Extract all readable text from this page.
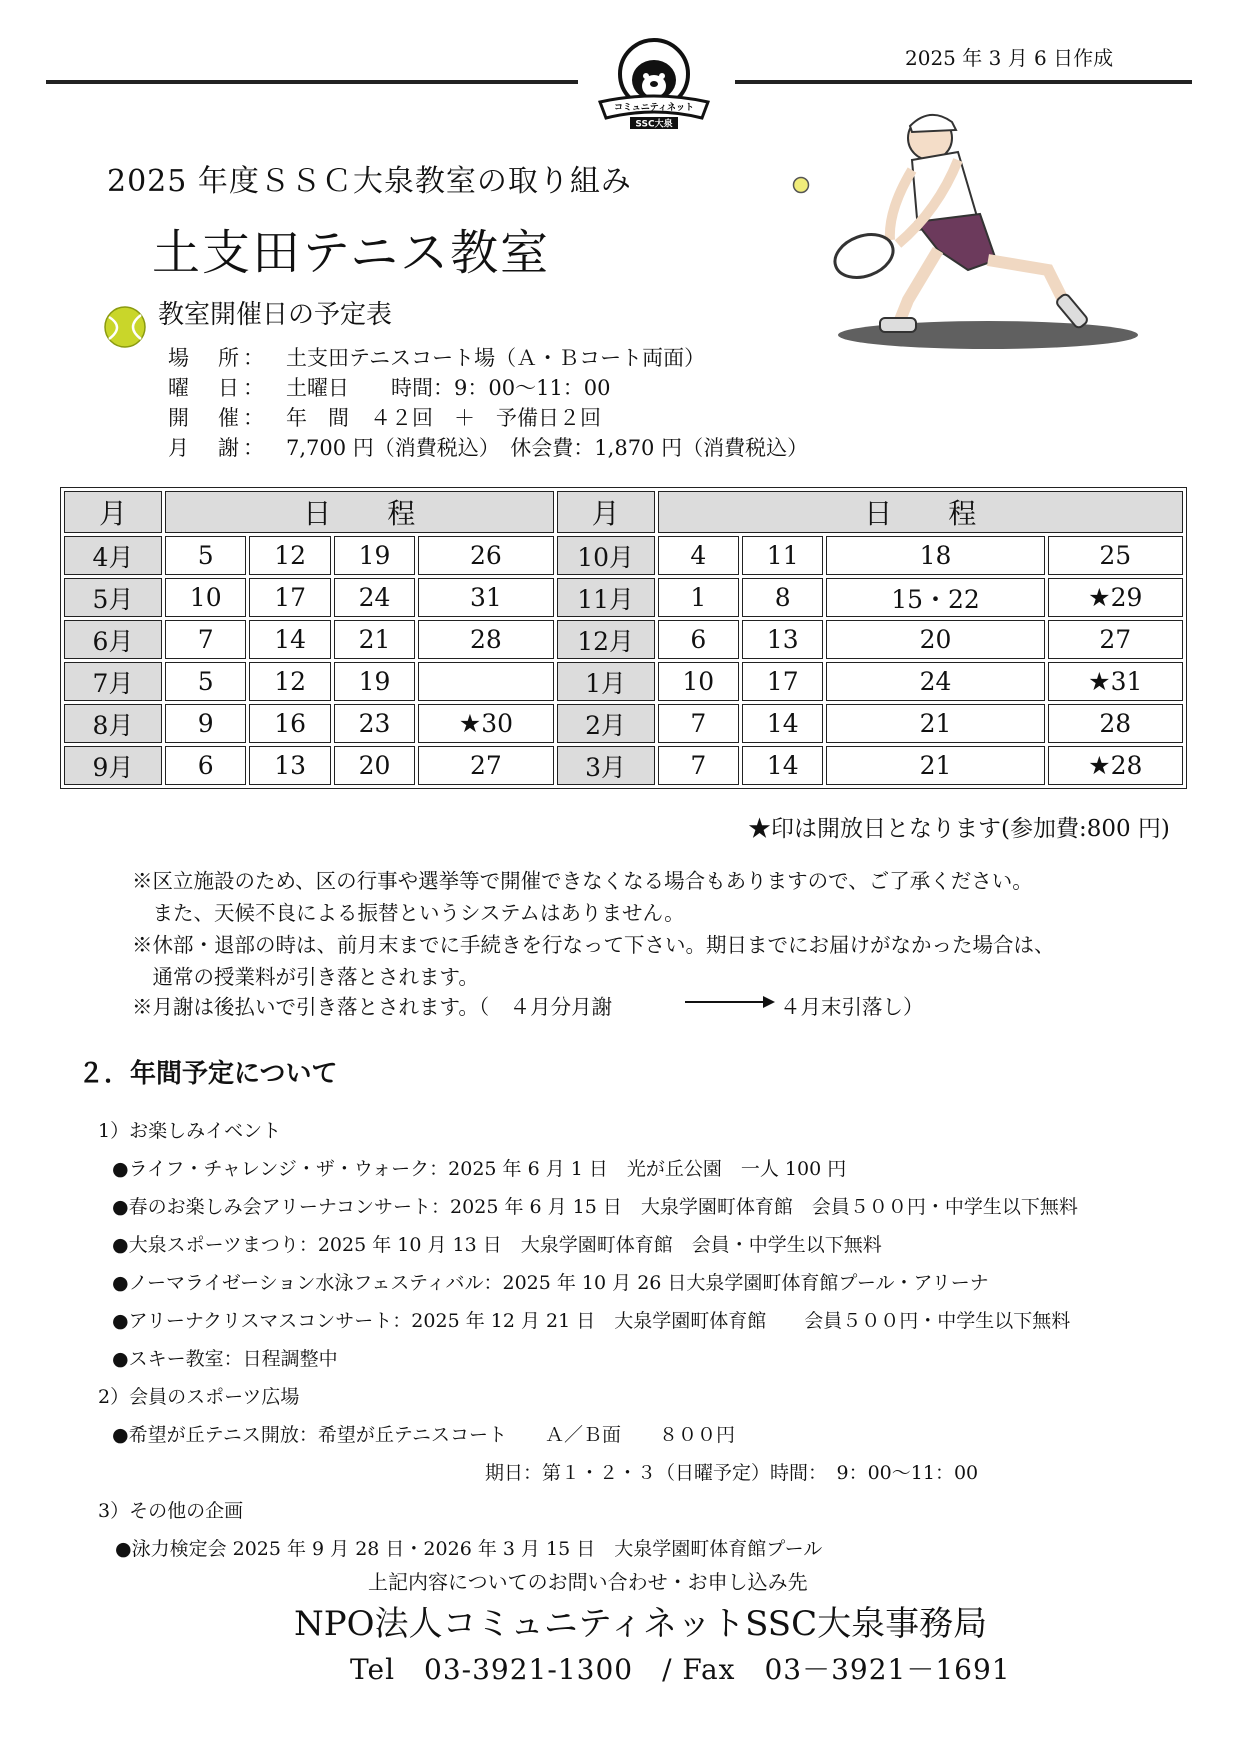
2025 年 3 月 6 日作成
コミュニティネット
SSC大泉
2025 年度ＳＳＣ大泉教室の取り組み
土支田テニス教室
教室開催日の予定表
場　所： 土支田テニスコート場（Ａ・Ｂコート両面）
曜　日： 土曜日　　時間：9：00～11：00
開　催： 年　間　４２回　＋　予備日２回
月　謝： 7,700 円（消費税込）　休会費：1,870 円（消費税込）
月	日　　程				月	日　　程			
4月	5	12	19	26	10月	4	11	18	25
5月	10	17	24	31	11月	1	8	15・22	★29
6月	7	14	21	28	12月	6	13	20	27
7月	5	12	19		1月	10	17	24	★31
8月	9	16	23	★30	2月	7	14	21	28
9月	6	13	20	27	3月	7	14	21	★28
★印は開放日となります(参加費:800 円)
※区立施設のため、区の行事や選挙等で開催できなくなる場合もありますので、ご了承ください。
　また、天候不良による振替というシステムはありません。
※休部・退部の時は、前月末までに手続きを行なって下さい。期日までにお届けがなかった場合は、
　通常の授業料が引き落とされます。
※月謝は後払いで引き落とされます。（　４月分月謝	４月末引落し）
２．年間予定について
1）お楽しみイベント
●ライフ・チャレンジ・ザ・ウォーク：2025 年 6 月 1 日　光が丘公園　一人 100 円
●春のお楽しみ会アリーナコンサート：2025 年 6 月 15 日　大泉学園町体育館　会員５００円・中学生以下無料
●大泉スポーツまつり：2025 年 10 月 13 日　大泉学園町体育館　会員・中学生以下無料
●ノーマライゼーション水泳フェスティバル：2025 年 10 月 26 日大泉学園町体育館プール・アリーナ
●アリーナクリスマスコンサート：2025 年 12 月 21 日　大泉学園町体育館　　会員５００円・中学生以下無料
●スキー教室：日程調整中
2）会員のスポーツ広場
●希望が丘テニス開放：希望が丘テニスコート　　Ａ／Ｂ面　　８００円
期日：第１・２・３（日曜予定）時間：　9：00～11：00
3）その他の企画
●泳力検定会 2025 年 9 月 28 日・2026 年 3 月 15 日　大泉学園町体育館プール
上記内容についてのお問い合わせ・お申し込み先
NPO法人コミュニティネットSSC大泉事務局
Tel　03-3921-1300　/ Fax　03－3921－1691
